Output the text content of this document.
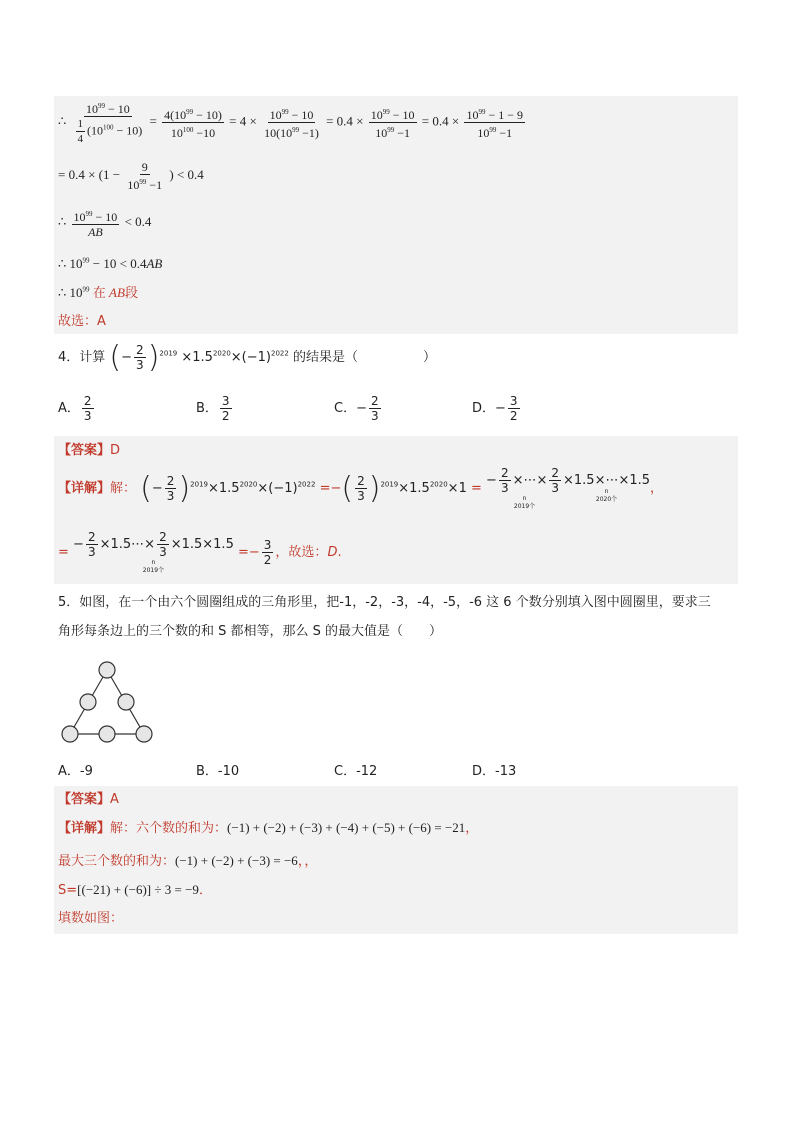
∴ $\frac{10^{99} - 10}{\frac{1}{4} (10^{100} - 10)} = \frac{4(10^{99} - 10)}{10^{100} -10} = 4 \times \frac{10^{99} - 10}{10(10^{99} -1)} = 0.4 \times \frac{10^{99} - 10}{10^{99} -1} = 0.4 \times \frac{10^{99} - 1 - 9}{10^{99} -1}$
= $0.4 \times (1 - \frac{9}{10^{99} -1}$ ) < 0.4
∴ $\frac{10^{99} - 10}{AB} < 0.4$
∴ $10^{99} - 10 < 0.4AB$
∴ $10^{99}$ 在 AB段
故选：A
4．计算 (− $\frac{2}{3} )^{2019} \times 1.5^{2020}\times(-1)^{2022}$ 的结果是（　　　　　）
A． $\frac{2}{3}$	B． $\frac{3}{2}$	C．− $\frac{2}{3}$	D．− $\frac{3}{2}$
【答案】D
【详解】解： (− $\frac{2}{3} )^{2019}\times 1.5^{2020}\times(-1)^{2022}$ =−( $\frac{2}{3} )^{2019}\times 1.5^{2020}\times 1$ =
− $\frac{2}{3}$ ×⋯× $\frac{2}{3}$
n
2019个
×1.5×⋯×1.5
n
2020个
，
=
− $\frac{2}{3}$ ×1.5⋯× $\frac{2}{3} \times 1.5\times 1.5$
n
2019个
=− $\frac{3}{2}$ ，故选：D.
5．如图，在一个由六个圆圈组成的三角形里，把-1，-2，-3，-4，-5，-6 这 6 个数分别填入图中圆圈里，要求三
角形每条边上的三个数的和 S 都相等，那么 S 的最大值是（　　）
A．-9	B．-10	C．-12	D．-13
【答案】A
【详解】解：六个数的和为：(−1) + (−2) + (−3) + (−4) + (−5) + (−6) = −21，
最大三个数的和为：(−1) + (−2) + (−3) = −6，，
S=[(−21) + (−6)] ÷ 3 = −9．
填数如图：
